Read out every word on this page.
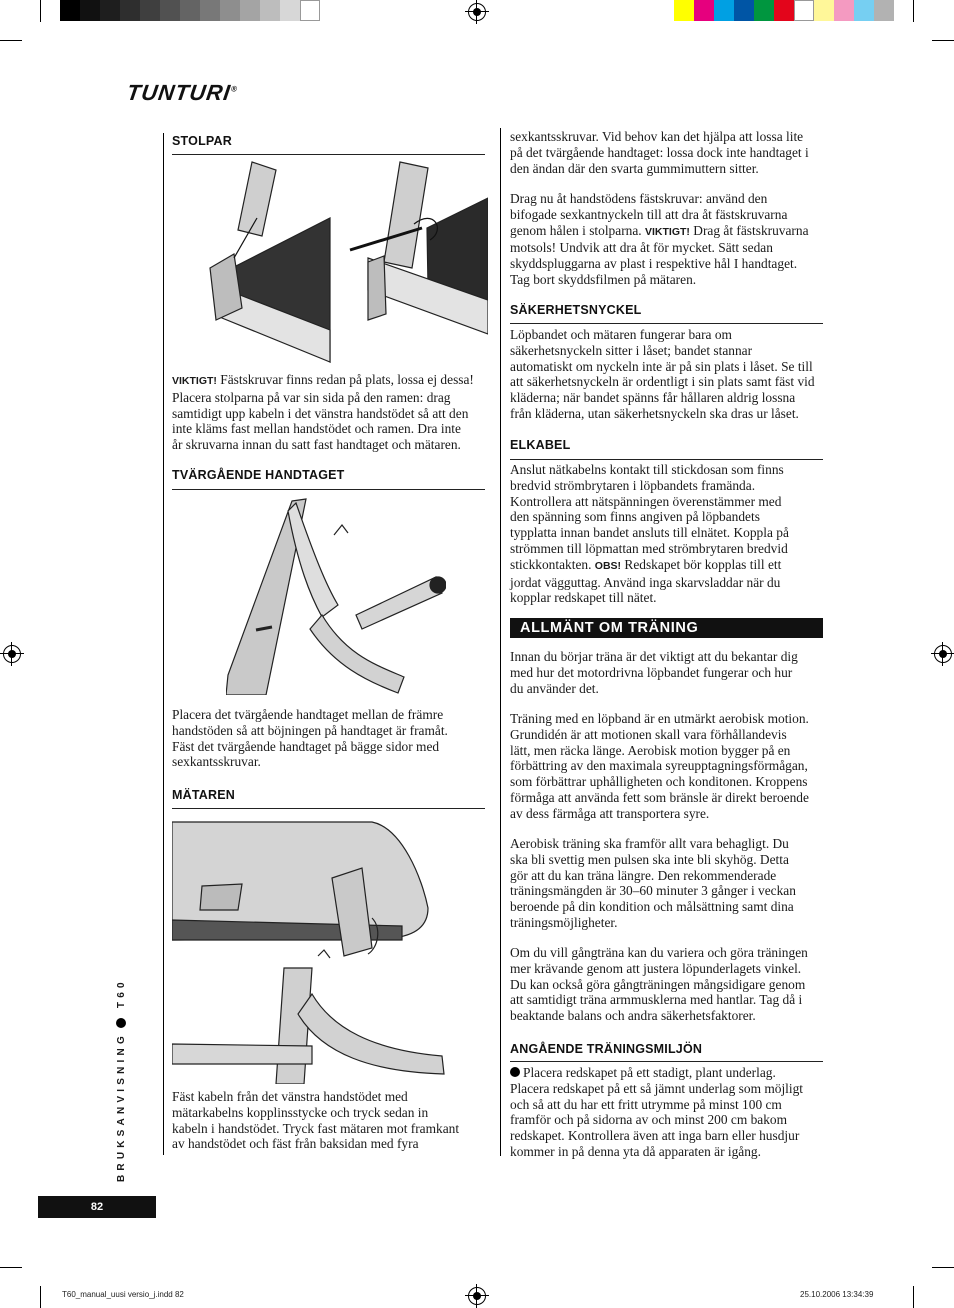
TUNTURI®
STOLPAR
VIKTIGT! Fästskruvar finns redan på plats, lossa ej dessa!
Placera stolparna på var sin sida på den ramen: drag
samtidigt upp kabeln i det vänstra handstödet så att den
inte kläms fast mellan handstödet och ramen. Dra inte
år skruvarna innan du satt fast handtaget och mätaren.
TVÄRGÅENDE HANDTAGET
Placera det tvärgående handtaget mellan de främre
handstöden så att böjningen på handtaget är framåt.
Fäst det tvärgående handtaget på bägge sidor med
sexkantsskruvar.
MÄTAREN
Fäst kabeln från det vänstra handstödet med
mätarkabelns kopplinsstycke och tryck sedan in
kabeln i handstödet. Tryck fast mätaren mot framkant
av handstödet och fäst från baksidan med fyra
sexkantsskruvar. Vid behov kan det hjälpa att lossa lite
på det tvärgående handtaget: lossa dock inte handtaget i
den ändan där den svarta gummimuttern sitter.
Drag nu åt handstödens fästskruvar: använd den
bifogade sexkantnyckeln till att dra åt fästskruvarna
genom hålen i stolparna. VIKTIGT! Drag åt fästskruvarna
motsols! Undvik att dra åt för mycket. Sätt sedan
skyddspluggarna av plast i respektive hål I handtaget.
Tag bort skyddsfilmen på mätaren.
SÄKERHETSNYCKEL
Löpbandet och mätaren fungerar bara om
säkerhetsnyckeln sitter i låset; bandet stannar
automatiskt om nyckeln inte är på sin plats i låset. Se till
att säkerhetsnyckeln är ordentligt i sin plats samt fäst vid
kläderna; när bandet spänns får hållaren aldrig lossna
från kläderna, utan säkerhetsnyckeln ska dras ur låset.
ELKABEL
Anslut nätkabelns kontakt till stickdosan som finns
bredvid strömbrytaren i löpbandets framända.
Kontrollera att nätspänningen överenstämmer med
den spänning som finns angiven på löpbandets
typplatta innan bandet ansluts till elnätet. Koppla på
strömmen till löpmattan med strömbrytaren bredvid
stickkontakten. OBS! Redskapet bör kopplas till ett
jordat vägguttag. Använd inga skarvsladdar när du
kopplar redskapet till nätet.
ALLMÄNT OM TRÄNING
Innan du börjar träna är det viktigt att du bekantar dig
med hur det motordrivna löpbandet fungerar och hur
du använder det.
Träning med en löpband är en utmärkt aerobisk motion.
Grundidén är att motionen skall vara förhållandevis
lätt, men räcka länge. Aerobisk motion bygger på en
förbättring av den maximala syreupptagningsförmågan,
som förbättrar uphålligheten och konditonen. Kroppens
förmåga att använda fett som bränsle är direkt beroende
av dess färmåga att transportera syre.
Aerobisk träning ska framför allt vara behagligt. Du
ska bli svettig men pulsen ska inte bli skyhög. Detta
gör att du kan träna längre. Den rekommenderade
träningsmängden är 30–60 minuter 3 gånger i veckan
beroende på din kondition och målsättning samt dina
träningsmöjligheter.
Om du vill gångträna kan du variera och göra träningen
mer krävande genom att justera löpunderlagets vinkel.
Du kan också göra gångträningen mångsidigare genom
att samtidigt träna armmusklerna med hantlar. Tag då i
beaktande balans och andra säkerhetsfaktorer.
ANGÅENDE TRÄNINGSMILJÖN
Placera redskapet på ett stadigt, plant underlag.
Placera redskapet på ett så jämnt underlag som möjligt
och så att du har ett fritt utrymme på minst 100 cm
framför och på sidorna av och minst 200 cm bakom
redskapet. Kontrollera även att inga barn eller husdjur
kommer in på denna yta då apparaten är igång.
BRUKSANVISNINGT60
82
T60_manual_uusi versio_j.indd 82	25.10.2006 13:34:39
